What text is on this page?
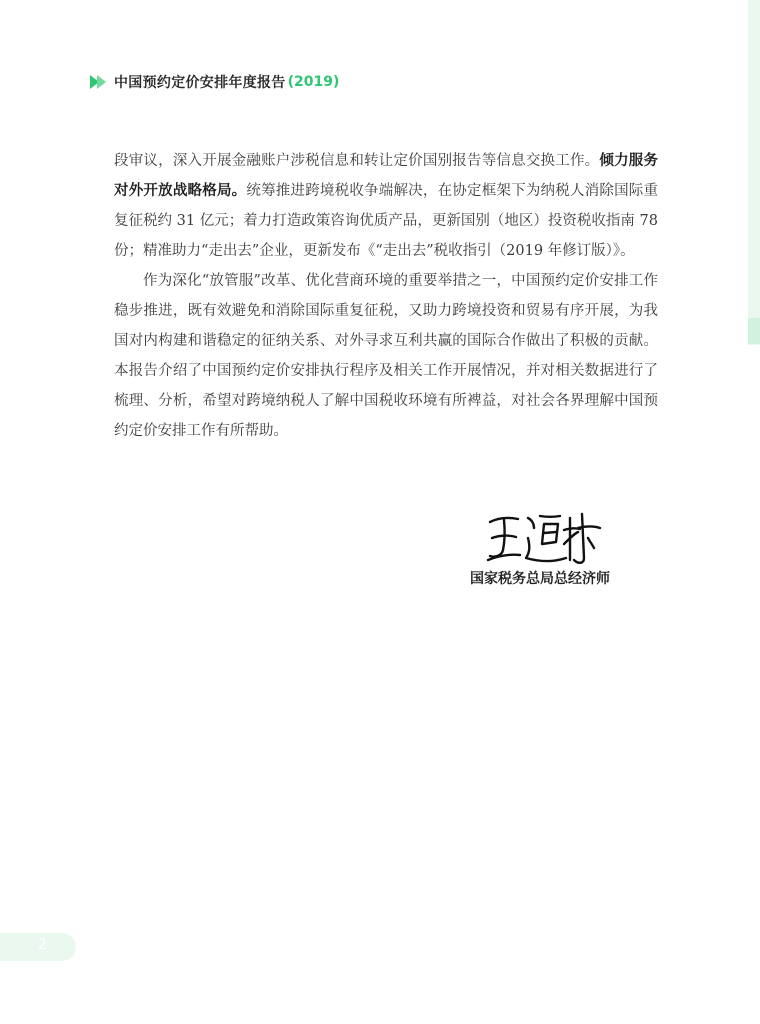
中国预约定价安排年度报告 (2019)

段审议，深入开展金融账户涉税信息和转让定价国别报告等信息交换工作。倾力服务对外开放战略格局。统筹推进跨境税收争端解决，在协定框架下为纳税人消除国际重复征税约 31 亿元；着力打造政策咨询优质产品，更新国别（地区）投资税收指南 78 份；精准助力“走出去”企业，更新发布《“走出去”税收指引（2019 年修订版）》。

作为深化“放管服”改革、优化营商环境的重要举措之一，中国预约定价安排工作稳步推进，既有效避免和消除国际重复征税，又助力跨境投资和贸易有序开展，为我国对内构建和谐稳定的征纳关系、对外寻求互利共赢的国际合作做出了积极的贡献。本报告介绍了中国预约定价安排执行程序及相关工作开展情况，并对相关数据进行了梳理、分析，希望对跨境纳税人了解中国税收环境有所裨益，对社会各界理解中国预约定价安排工作有所帮助。

国家税务总局总经济师
2
